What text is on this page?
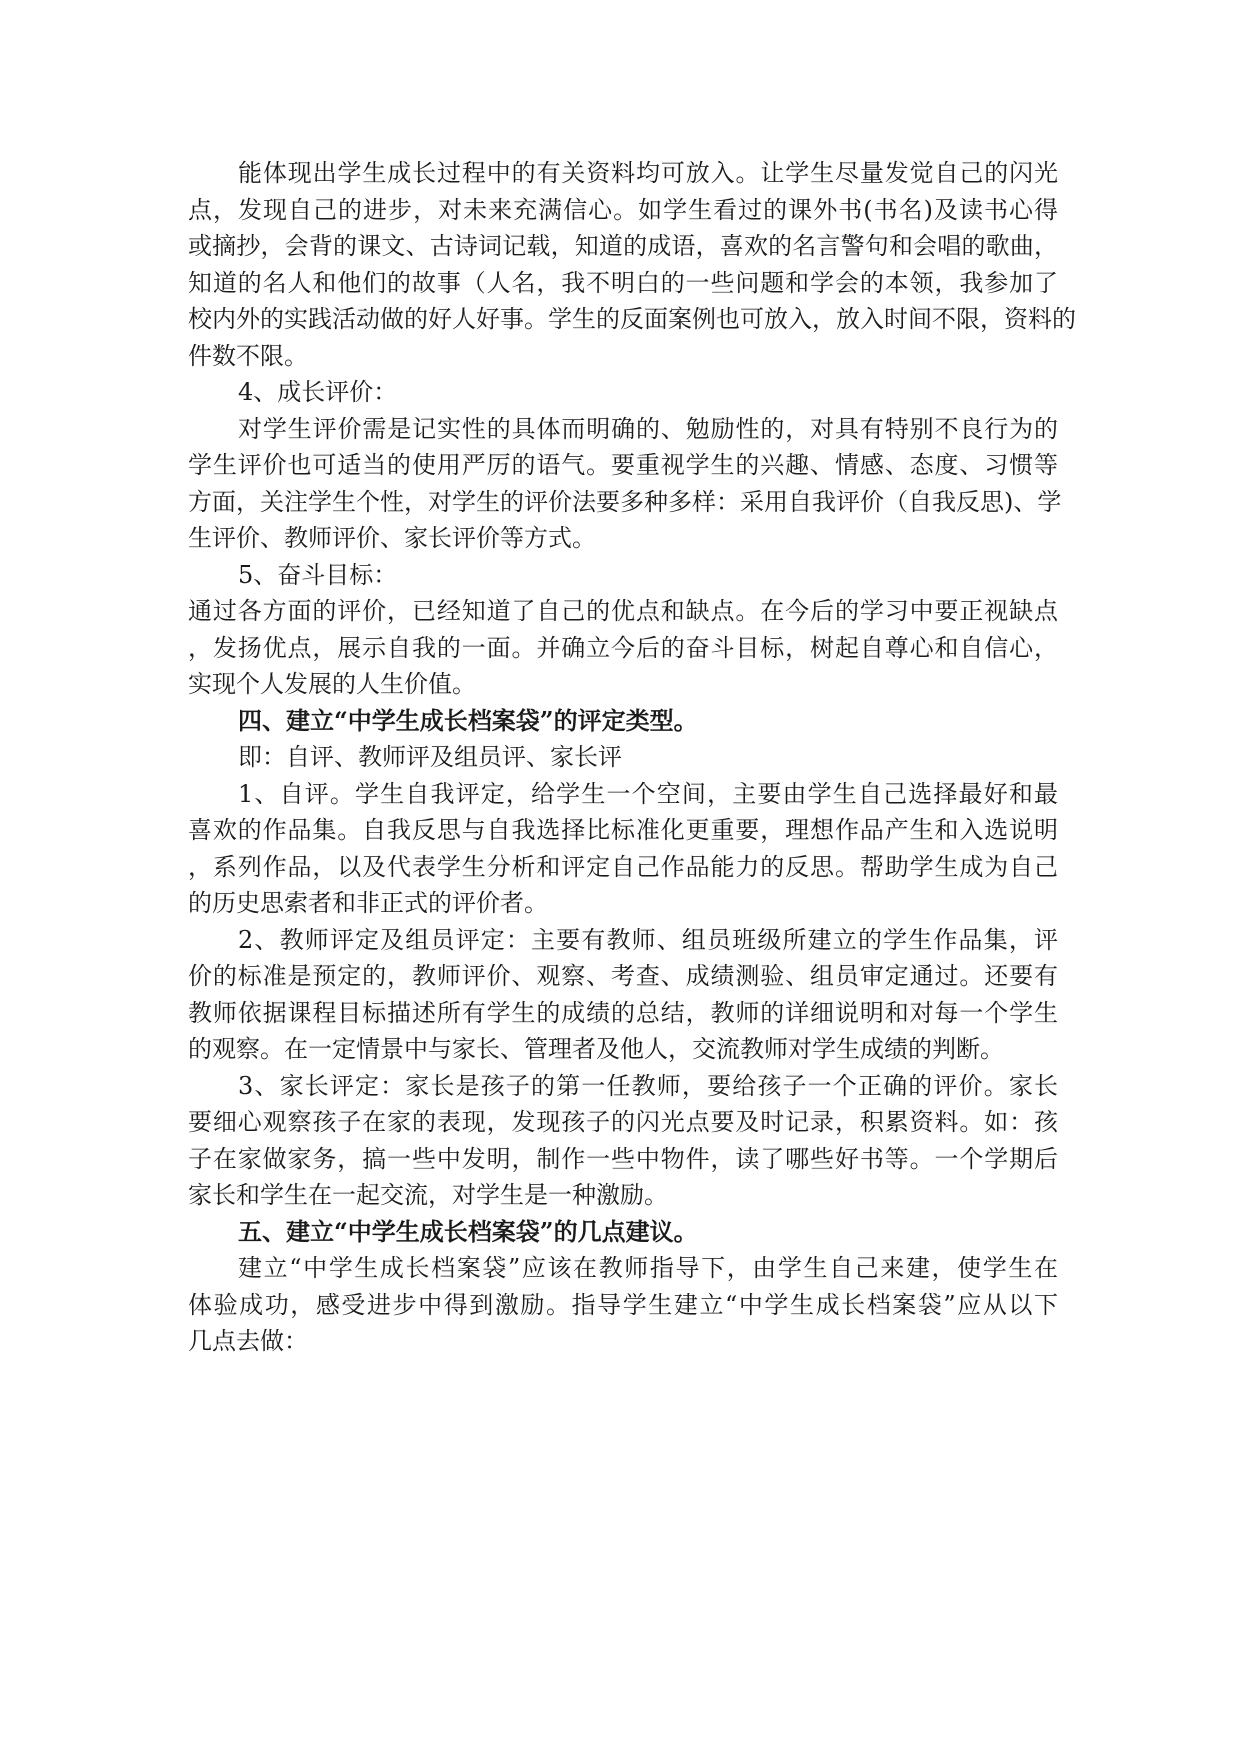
能体现出学生成长过程中的有关资料均可放入。让学生尽量发觉自己的闪光
点，发现自己的进步，对未来充满信心。如学生看过的课外书(书名)及读书心得
或摘抄，会背的课文、古诗词记载，知道的成语，喜欢的名言警句和会唱的歌曲，
知道的名人和他们的故事（人名，我不明白的一些问题和学会的本领，我参加了
校内外的实践活动做的好人好事。学生的反面案例也可放入，放入时间不限，资料的
件数不限。
4、成长评价：
对学生评价需是记实性的具体而明确的、勉励性的，对具有特别不良行为的
学生评价也可适当的使用严厉的语气。要重视学生的兴趣、情感、态度、习惯等
方面，关注学生个性，对学生的评价法要多种多样：采用自我评价（自我反思)、学
生评价、教师评价、家长评价等方式。
5、奋斗目标：
通过各方面的评价，已经知道了自己的优点和缺点。在今后的学习中要正视缺点
，发扬优点，展示自我的一面。并确立今后的奋斗目标，树起自尊心和自信心，
实现个人发展的人生价值。
四、建立“中学生成长档案袋”的评定类型。
即：自评、教师评及组员评、家长评
1、自评。学生自我评定，给学生一个空间，主要由学生自己选择最好和最
喜欢的作品集。自我反思与自我选择比标准化更重要，理想作品产生和入选说明
，系列作品，以及代表学生分析和评定自己作品能力的反思。帮助学生成为自己
的历史思索者和非正式的评价者。
2、教师评定及组员评定：主要有教师、组员班级所建立的学生作品集，评
价的标准是预定的，教师评价、观察、考查、成绩测验、组员审定通过。还要有
教师依据课程目标描述所有学生的成绩的总结，教师的详细说明和对每一个学生
的观察。在一定情景中与家长、管理者及他人，交流教师对学生成绩的判断。
3、家长评定：家长是孩子的第一任教师，要给孩子一个正确的评价。家长
要细心观察孩子在家的表现，发现孩子的闪光点要及时记录，积累资料。如：孩
子在家做家务，搞一些中发明，制作一些中物件，读了哪些好书等。一个学期后
家长和学生在一起交流，对学生是一种激励。
五、建立“中学生成长档案袋”的几点建议。
建立“中学生成长档案袋”应该在教师指导下，由学生自己来建，使学生在
体验成功，感受进步中得到激励。指导学生建立“中学生成长档案袋”应从以下
几点去做：
